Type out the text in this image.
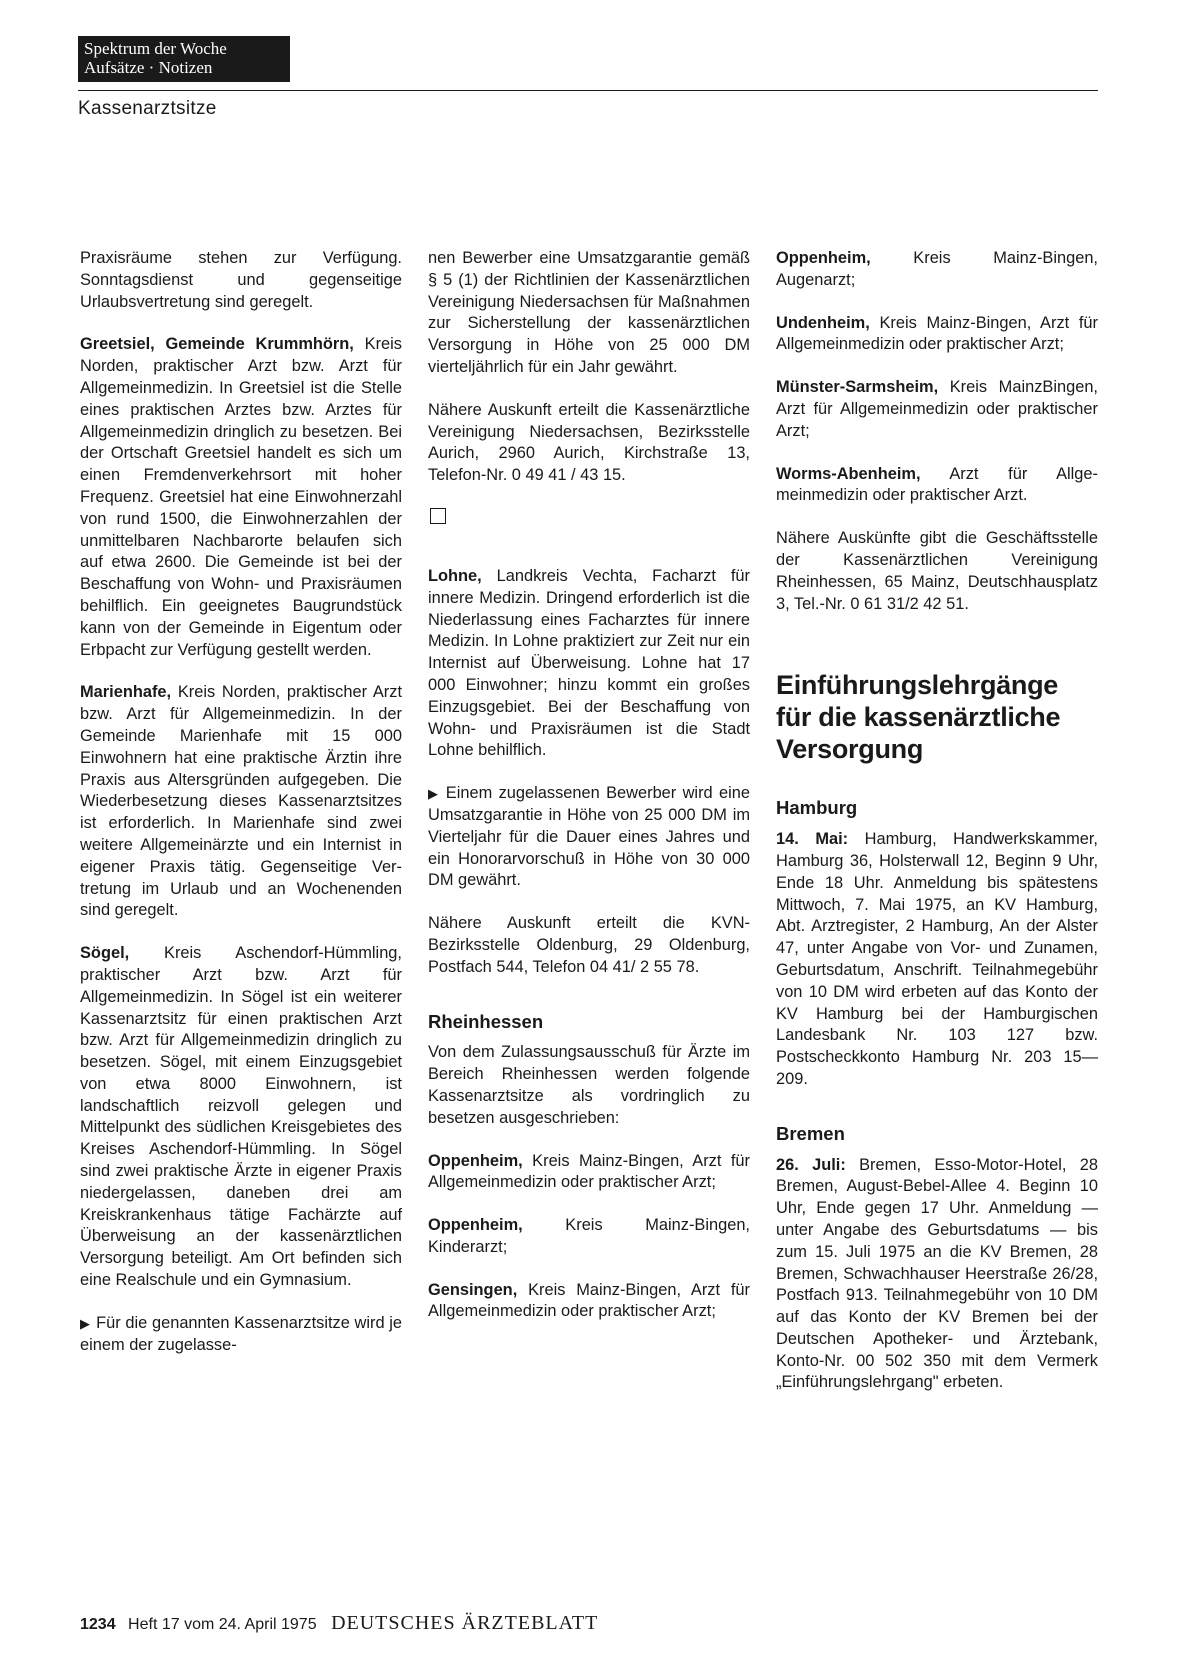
Spektrum der Woche
Aufsätze · Notizen
Kassenarztsitze

Praxisräume stehen zur Verfügung. Sonntagsdienst und gegenseitige Urlaubsvertretung sind geregelt.

Greetsiel, Gemeinde Krummhörn, Kreis Norden, praktischer Arzt bzw. Arzt für Allgemeinmedizin. In Greetsiel ist die Stelle eines praktischen Arztes bzw. Arztes für Allgemeinmedizin dringlich zu besetzen. Bei der Ortschaft Greetsiel handelt es sich um einen Fremdenverkehrsort mit hoher Frequenz. Greetsiel hat eine Einwohnerzahl von rund 1500, die Einwohnerzahlen der unmittelbaren Nachbarorte belaufen sich auf etwa 2600. Die Gemeinde ist bei der Beschaffung von Wohn- und Praxisräumen behilflich. Ein geeignetes Baugrundstück kann von der Gemeinde in Eigentum oder Erbpacht zur Verfügung gestellt werden.

Marienhafe, Kreis Norden, praktischer Arzt bzw. Arzt für Allgemeinmedizin. In der Gemeinde Marienhafe mit 15 000 Einwohnern hat eine praktische Ärztin ihre Praxis aus Altersgründen aufgegeben. Die Wiederbesetzung dieses Kassenarztsitzes ist erforderlich. In Marienhafe sind zwei weitere Allgemeinärzte und ein Internist in eigener Praxis tätig. Gegenseitige Vertretung im Urlaub und an Wochenenden sind geregelt.

Sögel, Kreis Aschendorf-Hümmling, praktischer Arzt bzw. Arzt für Allgemeinmedizin. In Sögel ist ein weiterer Kassenarztsitz für einen praktischen Arzt bzw. Arzt für Allgemeinmedizin dringlich zu besetzen. Sögel, mit einem Einzugsgebiet von etwa 8000 Einwohnern, ist landschaftlich reizvoll gelegen und Mittelpunkt des südlichen Kreisgebietes des Kreises Aschendorf-Hümmling. In Sögel sind zwei praktische Ärzte in eigener Praxis niedergelassen, daneben drei am Kreiskrankenhaus tätige Fachärzte auf Überweisung an der kassenärztlichen Versorgung beteiligt. Am Ort befinden sich eine Realschule und ein Gymnasium.

▶ Für die genannten Kassenarztsitze wird je einem der zugelasse-

nen Bewerber eine Umsatzgarantie gemäß § 5 (1) der Richtlinien der Kassenärztlichen Vereinigung Niedersachsen für Maßnahmen zur Sicherstellung der kassenärztlichen Versorgung in Höhe von 25 000 DM vierteljährlich für ein Jahr gewährt.

Nähere Auskunft erteilt die Kassenärztliche Vereinigung Niedersachsen, Bezirksstelle Aurich, 2960 Aurich, Kirchstraße 13, Telefon-Nr. 0 49 41 / 43 15.

Lohne, Landkreis Vechta, Facharzt für innere Medizin. Dringend erforderlich ist die Niederlassung eines Facharztes für innere Medizin. In Lohne praktiziert zur Zeit nur ein Internist auf Überweisung. Lohne hat 17 000 Einwohner; hinzu kommt ein großes Einzugsgebiet. Bei der Beschaffung von Wohn- und Praxisräumen ist die Stadt Lohne behilflich.

▶ Einem zugelassenen Bewerber wird eine Umsatzgarantie in Höhe von 25 000 DM im Vierteljahr für die Dauer eines Jahres und ein Honorarvorschuß in Höhe von 30 000 DM gewährt.

Nähere Auskunft erteilt die KVN-Bezirksstelle Oldenburg, 29 Oldenburg, Postfach 544, Telefon 04 41/ 2 55 78.

Rheinhessen

Von dem Zulassungsausschuß für Ärzte im Bereich Rheinhessen werden folgende Kassenarztsitze als vordringlich zu besetzen ausgeschrieben:

Oppenheim, Kreis Mainz-Bingen, Arzt für Allgemeinmedizin oder praktischer Arzt;

Oppenheim,	Kreis Mainz-Bingen, Kinderarzt;

Gensingen, Kreis Mainz-Bingen, Arzt für Allgemeinmedizin oder praktischer Arzt;

Oppenheim,	Kreis Mainz-Bingen, Augenarzt;

Undenheim, Kreis Mainz-Bingen, Arzt für Allgemeinmedizin oder praktischer Arzt;

Münster-Sarmsheim, Kreis MainzBingen, Arzt für Allgemeinmedizin oder praktischer Arzt;

Worms-Abenheim, Arzt für Allgemeinmedizin oder praktischer Arzt.

Nähere Auskünfte gibt die Geschäftsstelle der Kassenärztlichen Vereinigung Rheinhessen, 65 Mainz, Deutschhausplatz 3, Tel.-Nr. 0 61 31/2 42 51.

Einführungslehrgänge für die kassenärztliche Versorgung
Hamburg

14. Mai: Hamburg, Handwerkskammer, Hamburg 36, Holsterwall 12, Beginn 9 Uhr, Ende 18 Uhr. Anmeldung bis spätestens Mittwoch, 7. Mai 1975, an KV Hamburg, Abt. Arztregister, 2 Hamburg, An der Alster 47, unter Angabe von Vor- und Zunamen, Geburtsdatum, Anschrift. Teilnahmegebühr von 10 DM wird erbeten auf das Konto der KV Hamburg bei der Hamburgischen Landesbank Nr. 103 127 bzw. Postscheckkonto Hamburg Nr. 203 15—209.

Bremen

26. Juli: Bremen, Esso-Motor-Hotel, 28 Bremen, August-Bebel-Allee 4. Beginn 10 Uhr, Ende gegen 17 Uhr. Anmeldung — unter Angabe des Geburtsdatums — bis zum 15. Juli 1975 an die KV Bremen, 28 Bremen, Schwachhauser Heerstraße 26/28, Postfach 913. Teilnahmegebühr von 10 DM auf das Konto der KV Bremen bei der Deutschen Apotheker- und Ärztebank, Konto-Nr. 00 502 350 mit dem Vermerk „Einführungslehrgang" erbeten.

1234 Heft 17 vom 24. April 1975 DEUTSCHES ÄRZTEBLATT
